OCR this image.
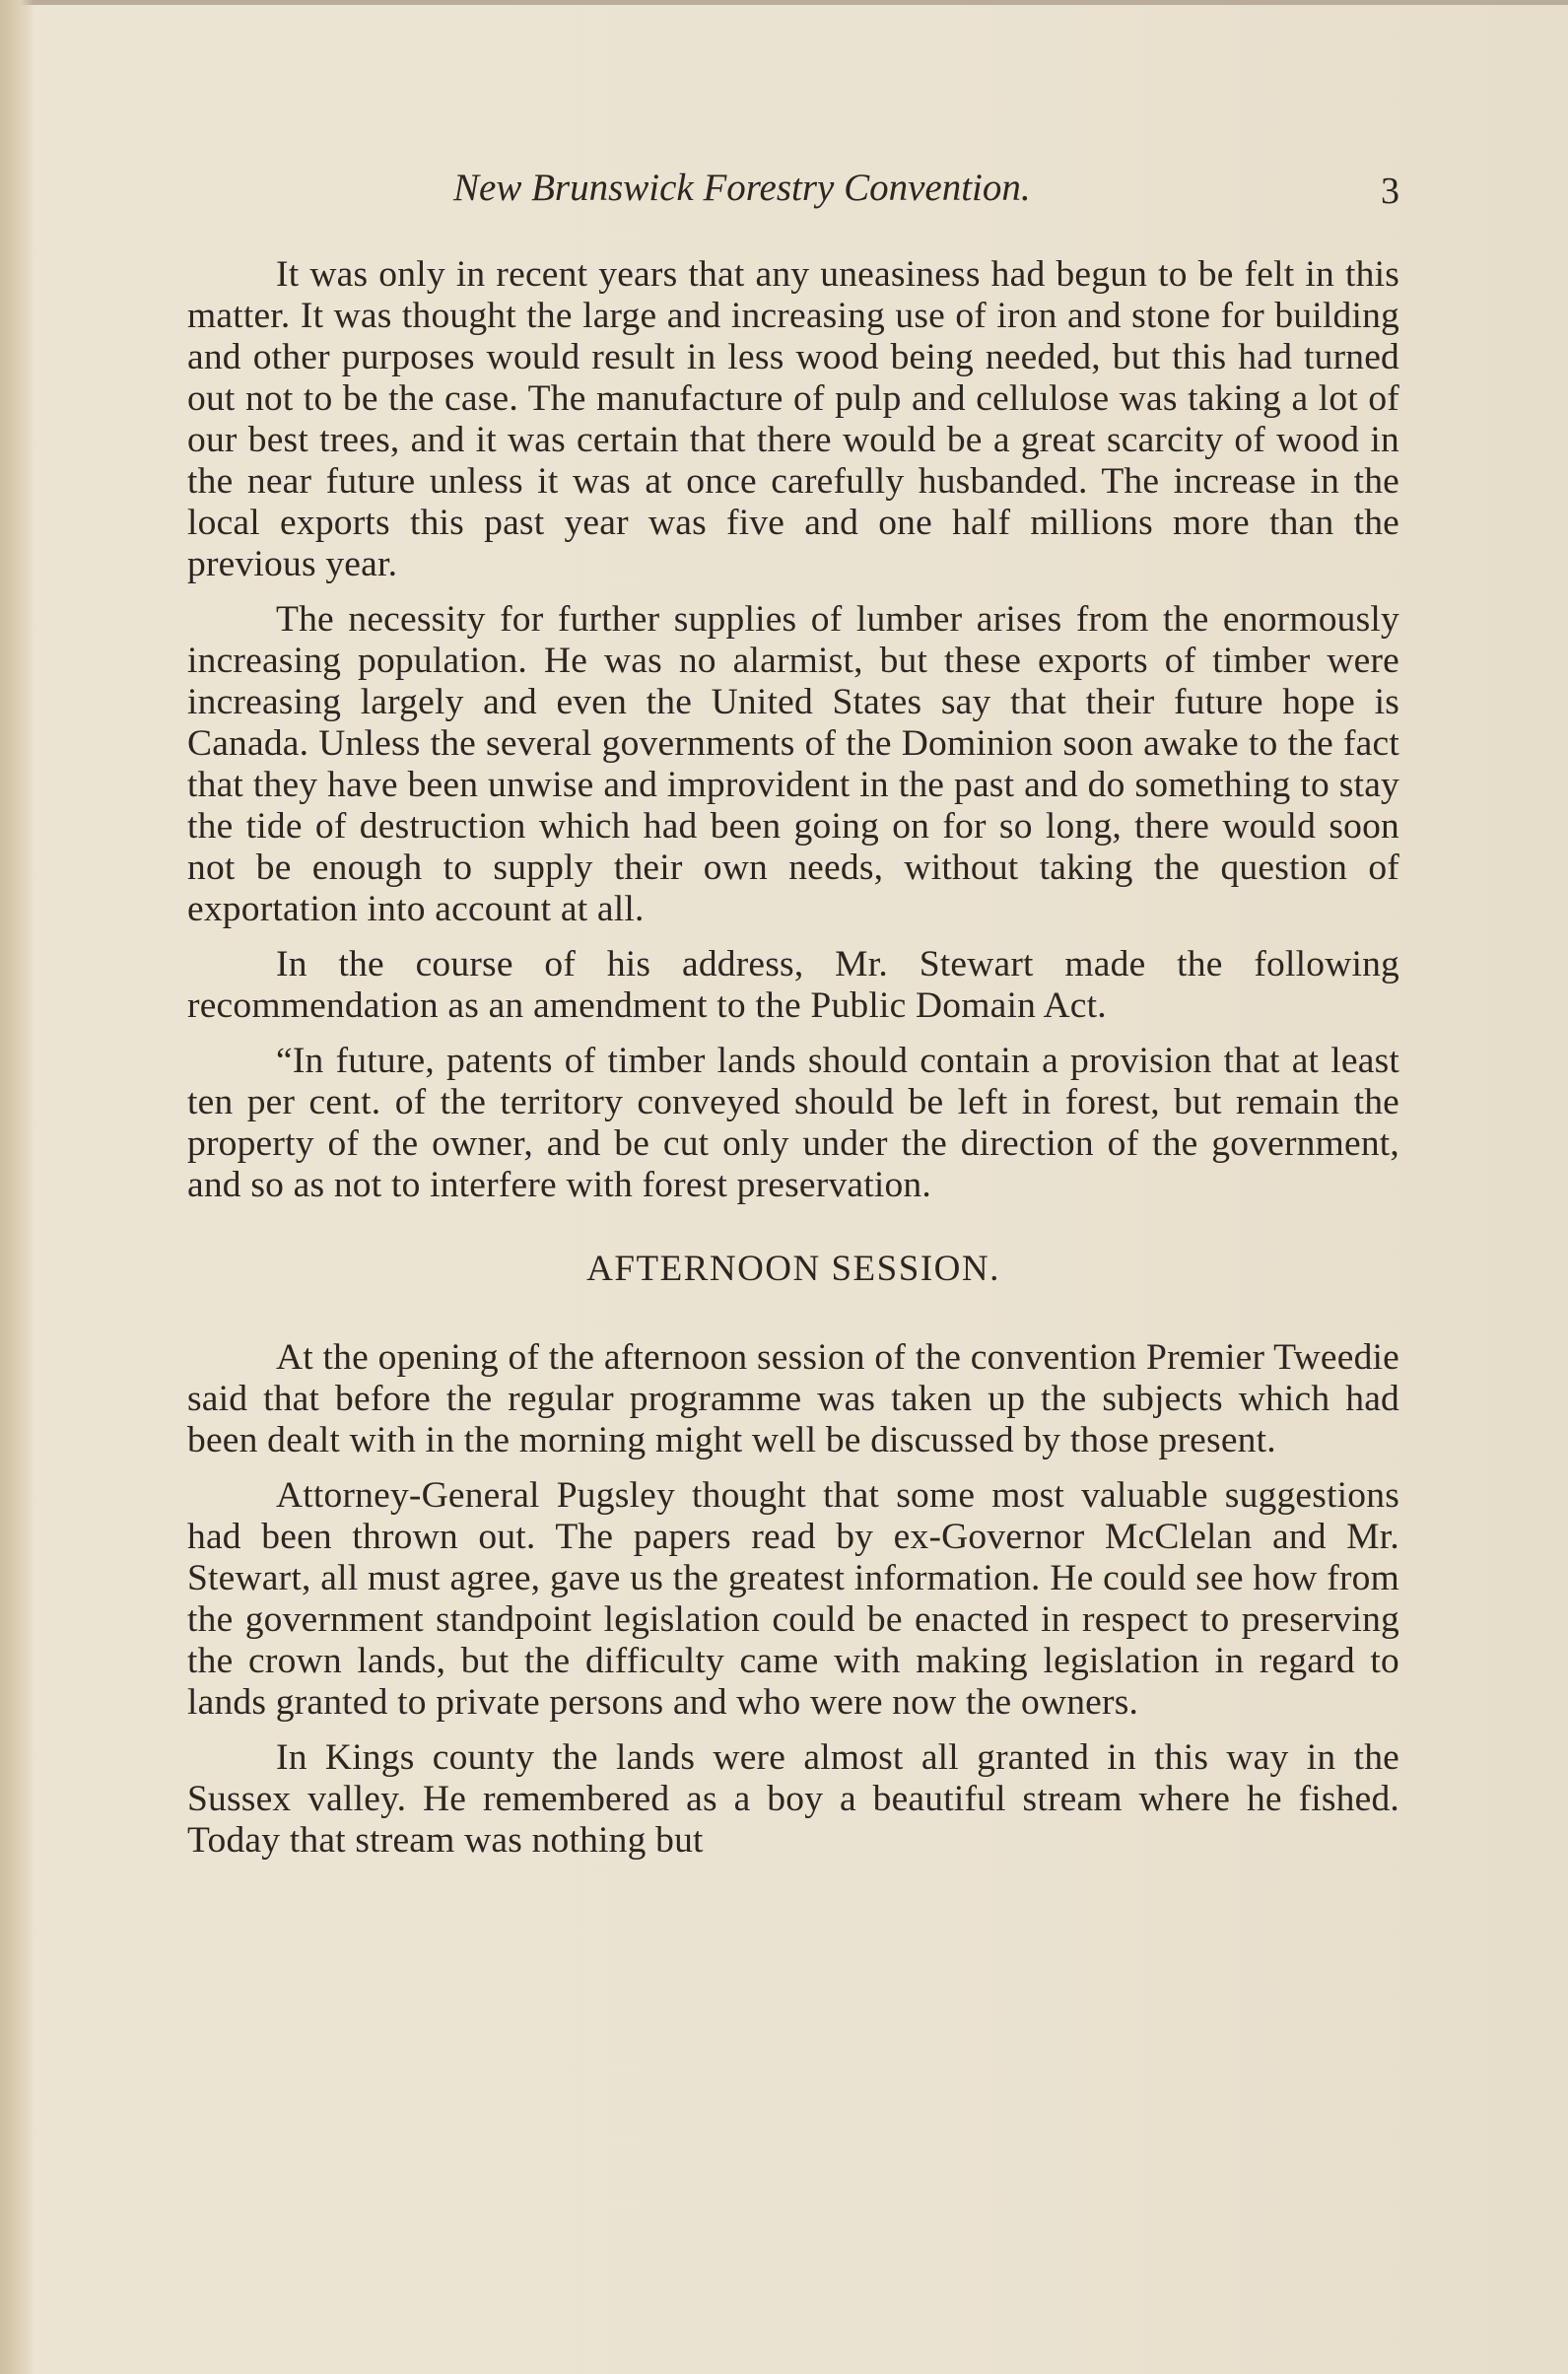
New Brunswick Forestry Convention.	3

It was only in recent years that any uneasiness had begun to be felt in this matter. It was thought the large and increasing use of iron and stone for building and other purposes would result in less wood being needed, but this had turned out not to be the case. The manufacture of pulp and cellulose was taking a lot of our best trees, and it was certain that there would be a great scarcity of wood in the near future unless it was at once carefully husbanded. The increase in the local exports this past year was five and one half millions more than the previous year.

The necessity for further supplies of lumber arises from the enormously increasing population. He was no alarmist, but these exports of timber were increasing largely and even the United States say that their future hope is Canada. Unless the several governments of the Dominion soon awake to the fact that they have been unwise and improvident in the past and do something to stay the tide of destruction which had been going on for so long, there would soon not be enough to supply their own needs, without taking the question of exportation into account at all.

In the course of his address, Mr. Stewart made the following recommendation as an amendment to the Public Domain Act.

“In future, patents of timber lands should contain a provision that at least ten per cent. of the territory conveyed should be left in forest, but remain the property of the owner, and be cut only under the direction of the government, and so as not to interfere with forest preservation.

AFTERNOON SESSION.

At the opening of the afternoon session of the convention Premier Tweedie said that before the regular programme was taken up the subjects which had been dealt with in the morning might well be discussed by those present.

Attorney-General Pugsley thought that some most valuable suggestions had been thrown out. The papers read by ex-Governor McClelan and Mr. Stewart, all must agree, gave us the greatest information. He could see how from the government standpoint legislation could be enacted in respect to preserving the crown lands, but the difficulty came with making legislation in regard to lands granted to private persons and who were now the owners.

In Kings county the lands were almost all granted in this way in the Sussex valley. He remembered as a boy a beautiful stream where he fished. Today that stream was nothing but
